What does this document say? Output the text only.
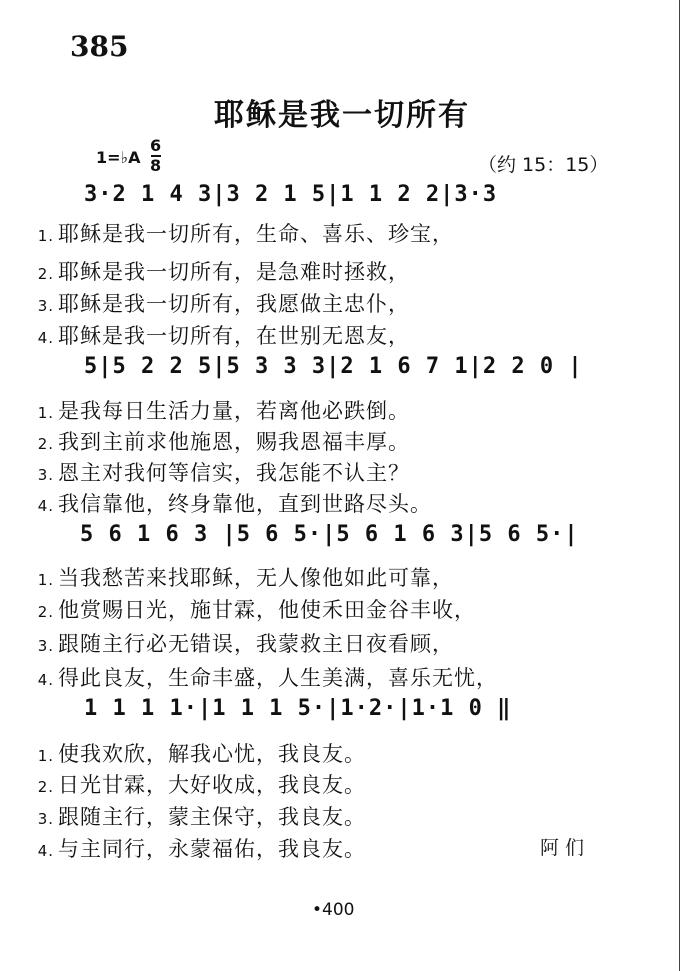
385
耶稣是我一切所有
1=♭A
6
8	（约 15：15）
3·2 1 4 3|3 2 1 5|1 1 2 2|3·3
1. 耶稣是我一切所有，生命、喜乐、珍宝，
2. 耶稣是我一切所有，是急难时拯救，
3. 耶稣是我一切所有，我愿做主忠仆，
4. 耶稣是我一切所有，在世别无恩友，
5|5 2 2 5|5 3 3 3|2 1 6 7 1|2 2 0 |
1. 是我每日生活力量，若离他必跌倒。
2. 我到主前求他施恩，赐我恩福丰厚。
3. 恩主对我何等信实，我怎能不认主？
4. 我信靠他，终身靠他，直到世路尽头。
5 6 1 6 3 |5 6 5·|5 6 1 6 3|5 6 5·|
1. 当我愁苦来找耶稣，无人像他如此可靠，
2. 他赏赐日光，施甘霖，他使禾田金谷丰收，
3. 跟随主行必无错误，我蒙救主日夜看顾，
4. 得此良友，生命丰盛，人生美满，喜乐无忧，
1 1 1 1·|1 1 1 5·|1·2·|1·1 0 ‖
1. 使我欢欣，解我心忧，我良友。
2. 日光甘霖，大好收成，我良友。
3. 跟随主行，蒙主保守，我良友。
4. 与主同行，永蒙福佑，我良友。	阿们
•400
